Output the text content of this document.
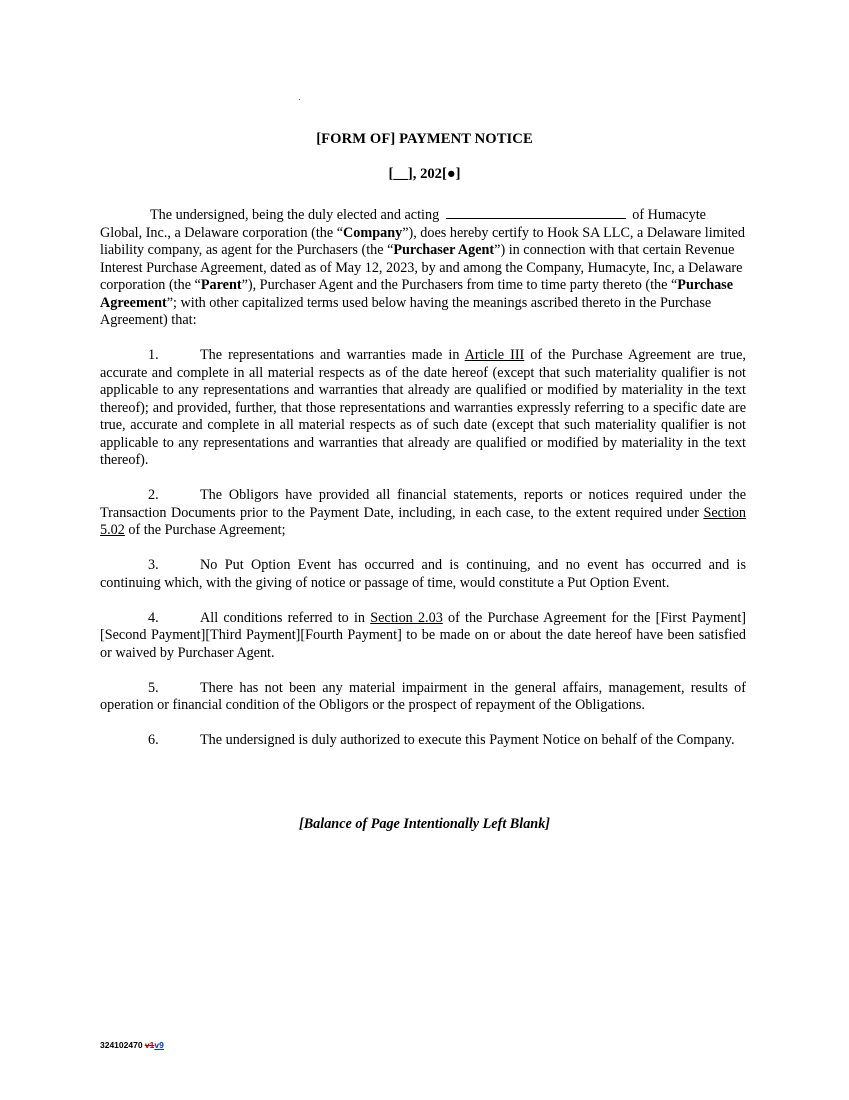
[FORM OF] PAYMENT NOTICE
[__], 202[●]

The undersigned, being the duly elected and acting	of Humacyte Global, Inc., a Delaware corporation (the “Company”), does hereby certify to Hook SA LLC, a Delaware limited liability company, as agent for the Purchasers (the “Purchaser Agent”) in connection with that certain Revenue Interest Purchase Agreement, dated as of May 12, 2023, by and among the Company, Humacyte, Inc, a Delaware corporation (the “Parent”), Purchaser Agent and the Purchasers from time to time party thereto (the “Purchase Agreement”; with other capitalized terms used below having the meanings ascribed thereto in the Purchase Agreement) that:

1.	The representations and warranties made in Article III of the Purchase Agreement are true, accurate and complete in all material respects as of the date hereof (except that such materiality qualifier is not applicable to any representations and warranties that already are qualified or modified by materiality in the text thereof); and provided, further, that those representations and warranties expressly referring to a specific date are true, accurate and complete in all material respects as of such date (except that such materiality qualifier is not applicable to any representations and warranties that already are qualified or modified by materiality in the text thereof).

2.	The Obligors have provided all financial statements, reports or notices required under the Transaction Documents prior to the Payment Date, including, in each case, to the extent required under Section 5.02 of the Purchase Agreement;

3.	No Put Option Event has occurred and is continuing, and no event has occurred and is continuing which, with the giving of notice or passage of time, would constitute a Put Option Event.

4.	All conditions referred to in Section 2.03 of the Purchase Agreement for the [First Payment][Second Payment][Third Payment][Fourth Payment] to be made on or about the date hereof have been satisfied or waived by Purchaser Agent.

5.	There has not been any material impairment in the general affairs, management, results of operation or financial condition of the Obligors or the prospect of repayment of the Obligations.

6.	The undersigned is duly authorized to execute this Payment Notice on behalf of the Company.

[Balance of Page Intentionally Left Blank]
324102470 v1v9
